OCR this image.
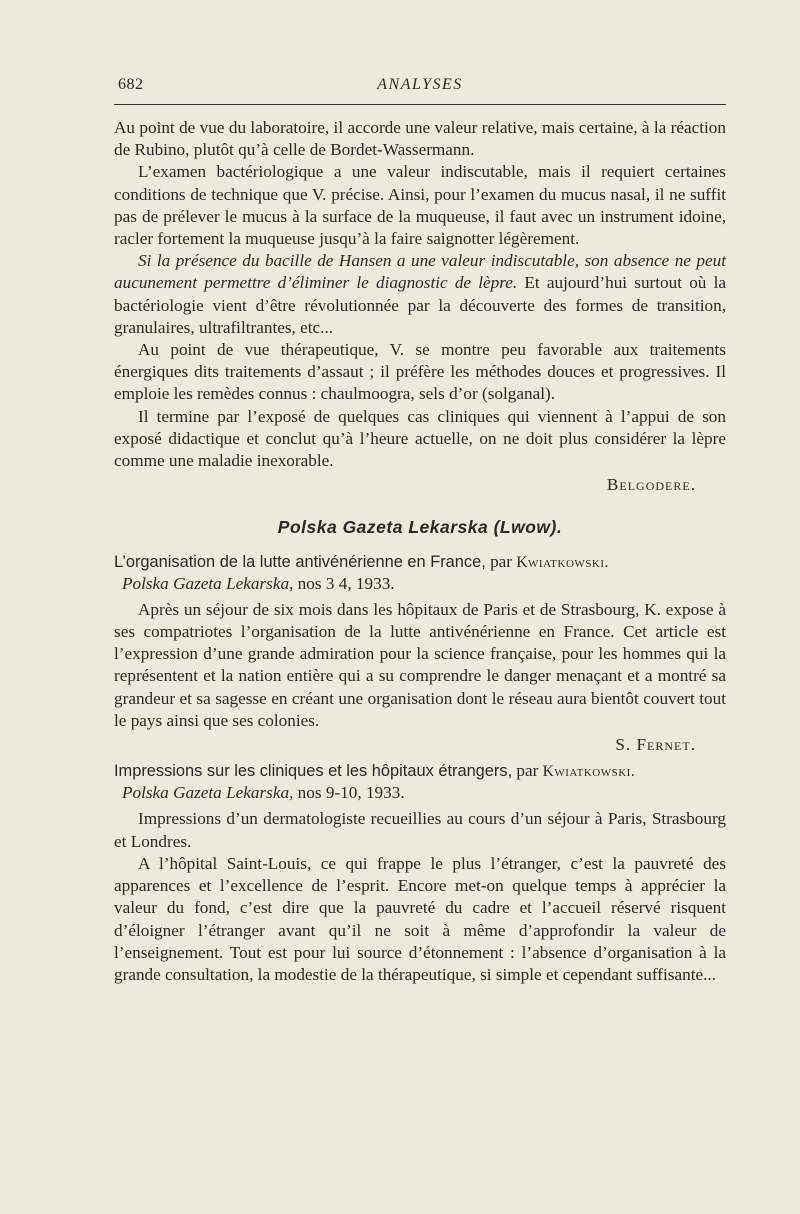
682	ANALYSES

Au point de vue du laboratoire, il accorde une valeur relative, mais certaine, à la réaction de Rubino, plutôt qu’à celle de Bordet-Wassermann.

L’examen bactériologique a une valeur indiscutable, mais il requiert certaines conditions de technique que V. précise. Ainsi, pour l’examen du mucus nasal, il ne suffit pas de prélever le mucus à la surface de la muqueuse, il faut avec un instrument idoine, racler fortement la muqueuse jusqu’à la faire saignotter légèrement.

Si la présence du bacille de Hansen a une valeur indiscutable, son absence ne peut aucunement permettre d’éliminer le diagnostic de lèpre. Et aujourd’hui surtout où la bactériologie vient d’être révolutionnée par la découverte des formes de transition, granulaires, ultrafiltrantes, etc...

Au point de vue thérapeutique, V. se montre peu favorable aux traitements énergiques dits traitements d’assaut ; il préfère les méthodes douces et progressives. Il emploie les remèdes connus : chaulmoogra, sels d’or (solganal).

Il termine par l’exposé de quelques cas cliniques qui viennent à l’appui de son exposé didactique et conclut qu’à l’heure actuelle, on ne doit plus considérer la lèpre comme une maladie inexorable.

Belgodere.
Polska Gazeta Lekarska (Lwow).

L’organisation de la lutte antivénérienne en France, par Kwiatkowski.

Polska Gazeta Lekarska, nos 3 4, 1933.

Après un séjour de six mois dans les hôpitaux de Paris et de Strasbourg, K. expose à ses compatriotes l’organisation de la lutte antivénérienne en France. Cet article est l’expression d’une grande admiration pour la science française, pour les hommes qui la représentent et la nation entière qui a su comprendre le danger menaçant et a montré sa grandeur et sa sagesse en créant une organisation dont le réseau aura bientôt couvert tout le pays ainsi que ses colonies.

S. Fernet.

Impressions sur les cliniques et les hôpitaux étrangers, par Kwiatkowski.

Polska Gazeta Lekarska, nos 9-10, 1933.

Impressions d’un dermatologiste recueillies au cours d’un séjour à Paris, Strasbourg et Londres.

A l’hôpital Saint-Louis, ce qui frappe le plus l’étranger, c’est la pauvreté des apparences et l’excellence de l’esprit. Encore met-on quelque temps à apprécier la valeur du fond, c’est dire que la pauvreté du cadre et l’accueil réservé risquent d’éloigner l’étranger avant qu’il ne soit à même d’approfondir la valeur de l’enseignement. Tout est pour lui source d’étonnement : l’absence d’organisation à la grande consultation, la modestie de la thérapeutique, si simple et cependant suffisante...
